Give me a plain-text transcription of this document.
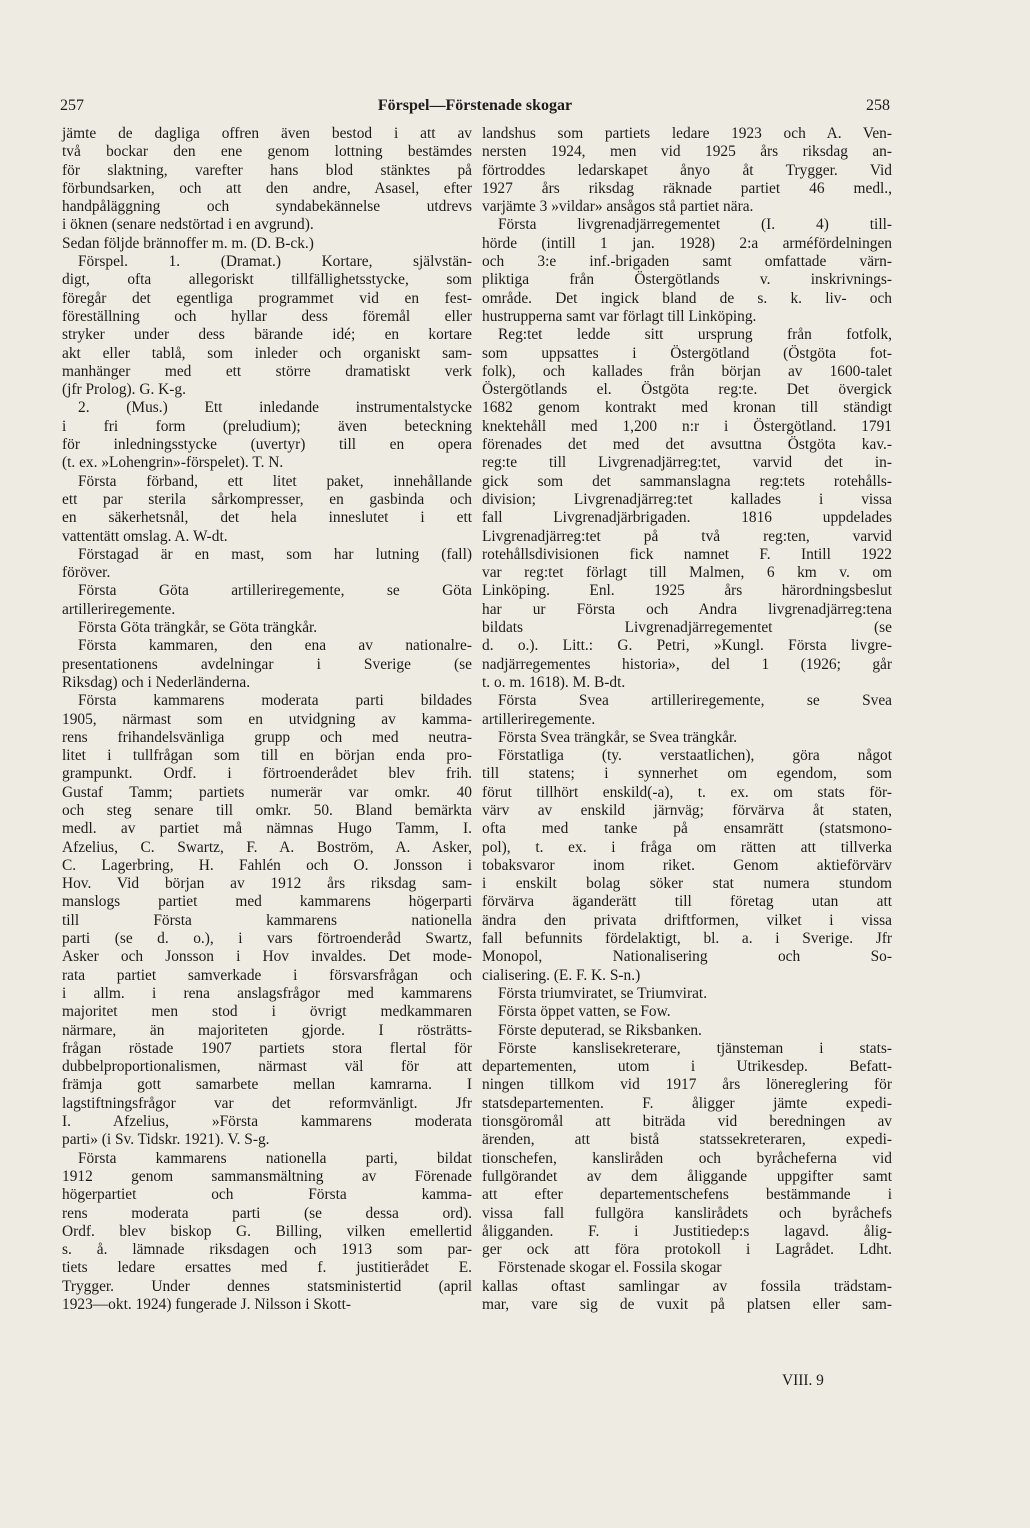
257	Förspel—Förstenade skogar	258
jämte de dagliga offren även bestod i att av
två bockar den ene genom lottning bestämdes
för slaktning, varefter hans blod stänktes på
förbundsarken, och att den andre, Asasel, efter
handpåläggning och syndabekännelse utdrevs
i öknen (senare nedstörtad i en avgrund).
Sedan följde brännoffer m. m. (D. B-ck.)
Förspel. 1. (Dramat.) Kortare, självstän-
digt, ofta allegoriskt tillfällighetsstycke, som
föregår det egentliga programmet vid en fest-
föreställning och hyllar dess föremål eller
stryker under dess bärande idé; en kortare
akt eller tablå, som inleder och organiskt sam-
manhänger med ett större dramatiskt verk
(jfr Prolog). G. K-g.
2. (Mus.) Ett inledande instrumentalstycke
i fri form (preludium); även beteckning
för inledningsstycke (uvertyr) till en opera
(t. ex. »Lohengrin»-förspelet). T. N.
Första förband, ett litet paket, innehållande
ett par sterila sårkompresser, en gasbinda och
en säkerhetsnål, det hela inneslutet i ett
vattentätt omslag. A. W-dt.
Förstagad är en mast, som har lutning (fall)
föröver.
Första Göta artilleriregemente, se Göta
artilleriregemente.
Första Göta trängkår, se Göta trängkår.
Första kammaren, den ena av nationalre-
presentationens avdelningar i Sverige (se
Riksdag) och i Nederländerna.
Första kammarens moderata parti bildades
1905, närmast som en utvidgning av kamma-
rens frihandelsvänliga grupp och med neutra-
litet i tullfrågan som till en början enda pro-
grampunkt. Ordf. i förtroenderådet blev frih.
Gustaf Tamm; partiets numerär var omkr. 40
och steg senare till omkr. 50. Bland bemärkta
medl. av partiet må nämnas Hugo Tamm, I.
Afzelius, C. Swartz, F. A. Boström, A. Asker,
C. Lagerbring, H. Fahlén och O. Jonsson i
Hov. Vid början av 1912 års riksdag sam-
manslogs partiet med kammarens högerparti
till Första kammarens nationella
parti (se d. o.), i vars förtroenderåd Swartz,
Asker och Jonsson i Hov invaldes. Det mode-
rata partiet samverkade i försvarsfrågan och
i allm. i rena anslagsfrågor med kammarens
majoritet men stod i övrigt medkammaren
närmare, än majoriteten gjorde. I rösträtts-
frågan röstade 1907 partiets stora flertal för
dubbelproportionalismen, närmast väl för att
främja gott samarbete mellan kamrarna. I
lagstiftningsfrågor var det reformvänligt. Jfr
I. Afzelius, »Första kammarens moderata
parti» (i Sv. Tidskr. 1921). V. S-g.
Första kammarens nationella parti, bildat
1912 genom sammansmältning av Förenade
högerpartiet och Första kamma-
rens moderata parti (se dessa ord).
Ordf. blev biskop G. Billing, vilken emellertid
s. å. lämnade riksdagen och 1913 som par-
tiets ledare ersattes med f. justitierådet E.
Trygger. Under dennes statsministertid (april
1923—okt. 1924) fungerade J. Nilsson i Skott-
landshus som partiets ledare 1923 och A. Ven-
nersten 1924, men vid 1925 års riksdag an-
förtroddes ledarskapet ånyo åt Trygger. Vid
1927 års riksdag räknade partiet 46 medl.,
varjämte 3 »vildar» ansågos stå partiet nära.
Första livgrenadjärregementet (I. 4) till-
hörde (intill 1 jan. 1928) 2:a arméfördelningen
och 3:e inf.-brigaden samt omfattade värn-
pliktiga från Östergötlands v. inskrivnings-
område. Det ingick bland de s. k. liv- och
hustrupperna samt var förlagt till Linköping.
Reg:tet ledde sitt ursprung från fotfolk,
som uppsattes i Östergötland (Östgöta fot-
folk), och kallades från början av 1600-talet
Östergötlands el. Östgöta reg:te. Det övergick
1682 genom kontrakt med kronan till ständigt
knektehåll med 1,200 n:r i Östergötland. 1791
förenades det med det avsuttna Östgöta kav.-
reg:te till Livgrenadjärreg:tet, varvid det in-
gick som det sammanslagna reg:tets rotehålls-
division; Livgrenadjärreg:tet kallades i vissa
fall Livgrenadjärbrigaden. 1816 uppdelades
Livgrenadjärreg:tet på två reg:ten, varvid
rotehållsdivisionen fick namnet F. Intill 1922
var reg:tet förlagt till Malmen, 6 km v. om
Linköping. Enl. 1925 års härordningsbeslut
har ur Första och Andra livgrenadjärreg:tena
bildats Livgrenadjärregementet (se
d. o.). Litt.: G. Petri, »Kungl. Första livgre-
nadjärregementes historia», del 1 (1926; går
t. o. m. 1618). M. B-dt.
Första Svea artilleriregemente, se Svea
artilleriregemente.
Första Svea trängkår, se Svea trängkår.
Förstatliga (ty. verstaatlichen), göra något
till statens; i synnerhet om egendom, som
förut tillhört enskild(-a), t. ex. om stats för-
värv av enskild järnväg; förvärva åt staten,
ofta med tanke på ensamrätt (statsmono-
pol), t. ex. i fråga om rätten att tillverka
tobaksvaror inom riket. Genom aktieförvärv
i enskilt bolag söker stat numera stundom
förvärva äganderätt till företag utan att
ändra den privata driftformen, vilket i vissa
fall befunnits fördelaktigt, bl. a. i Sverige. Jfr
Monopol, Nationalisering och So-
cialisering. (E. F. K. S-n.)
Första triumviratet, se Triumvirat.
Första öppet vatten, se Fow.
Förste deputerad, se Riksbanken.
Förste kanslisekreterare, tjänsteman i stats-
departementen, utom i Utrikesdep. Befatt-
ningen tillkom vid 1917 års lönereglering för
statsdepartementen. F. åligger jämte expedi-
tionsgöromål att biträda vid beredningen av
ärenden, att bistå statssekreteraren, expedi-
tionschefen, kansliråden och byråcheferna vid
fullgörandet av dem åliggande uppgifter samt
att efter departementschefens bestämmande i
vissa fall fullgöra kanslirådets och byråchefs
åligganden. F. i Justitiedep:s lagavd. ålig-
ger ock att föra protokoll i Lagrådet. Ldht.
Förstenade skogar el. Fossila skogar
kallas oftast samlingar av fossila trädstam-
mar, vare sig de vuxit på platsen eller sam-
VIII. 9
